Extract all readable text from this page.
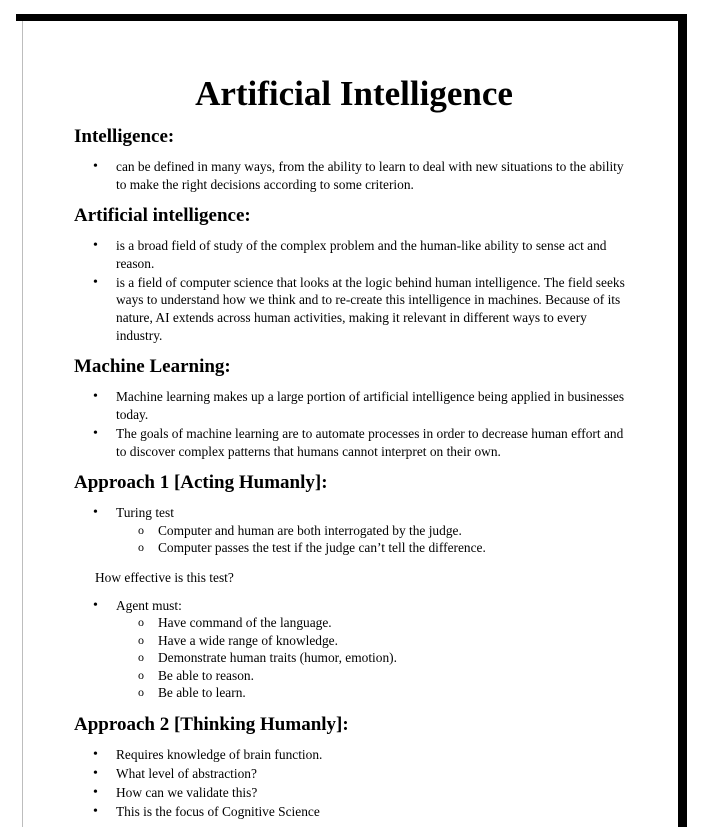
Artificial Intelligence
Intelligence:
• can be defined in many ways, from the ability to learn to deal with new situations to the ability to make the right decisions according to some criterion.
Artificial intelligence:
• is a broad field of study of the complex problem and the human-like ability to sense act and reason.
• is a field of computer science that looks at the logic behind human intelligence. The field seeks ways to understand how we think and to re-create this intelligence in machines. Because of its nature, AI extends across human activities, making it relevant in different ways to every industry.
Machine Learning:
• Machine learning makes up a large portion of artificial intelligence being applied in businesses today.
• The goals of machine learning are to automate processes in order to decrease human effort and to discover complex patterns that humans cannot interpret on their own.
Approach 1 [Acting Humanly]:
• Turing test
o Computer and human are both interrogated by the judge.
o Computer passes the test if the judge can’t tell the difference.

How effective is this test?

• Agent must:
o Have command of the language.
o Have a wide range of knowledge.
o Demonstrate human traits (humor, emotion).
o Be able to reason.
o Be able to learn.
Approach 2 [Thinking Humanly]:
• Requires knowledge of brain function.
• What level of abstraction?
• How can we validate this?
• This is the focus of Cognitive Science
